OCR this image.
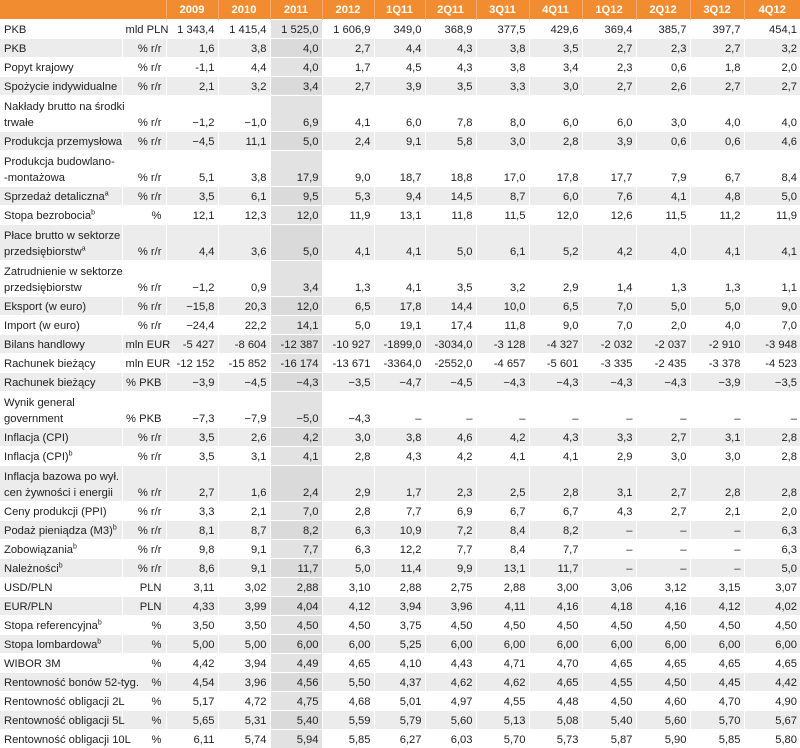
		2009	2010	2011	2012	1Q11	2Q11	3Q11	4Q11	1Q12	2Q12	3Q12	4Q12

PKB	mld PLN	1 343,4	1 415,4	1 525,0	1 606,9	349,0	368,9	377,5	429,6	369,4	385,7	397,7	454,1

PKB	% r/r	1,6	3,8	4,0	2,7	4,4	4,3	3,8	3,5	2,7	2,3	2,7	3,2

Popyt krajowy	% r/r	-1,1	4,4	4,0	1,7	4,5	4,3	3,8	3,4	2,3	0,6	1,8	2,0

Spożycie indywidualne	% r/r	2,1	3,2	3,4	2,7	3,9	3,5	3,3	3,0	2,7	2,6	2,7	2,7

Nakłady brutto na środki
trwałe	% r/r	−1,2	−1,0	6,9	4,1	6,0	7,8	8,0	6,0	6,0	3,0	4,0	4,0

Produkcja przemysłowa	% r/r	−4,5	11,1	5,0	2,4	9,1	5,8	3,0	2,8	3,9	0,6	0,6	4,6

Produkcja budowlano-
-montażowa	% r/r	5,1	3,8	17,9	9,0	18,7	18,8	17,0	17,8	17,7	7,9	6,7	8,4

Sprzedaż detaliczna$^a$	% r/r	3,5	6,1	9,5	5,3	9,4	14,5	8,7	6,0	7,6	4,1	4,8	5,0

Stopa bezrobocia$^b$	%	12,1	12,3	12,0	11,9	13,1	11,8	11,5	12,0	12,6	11,5	11,2	11,9

Płace brutto w sektorze
przedsiębiorstw$^a$	% r/r	4,4	3,6	5,0	4,1	4,1	5,0	6,1	5,2	4,2	4,0	4,1	4,1

Zatrudnienie w sektorze
przedsiębiorstw	% r/r	−1,2	0,9	3,4	1,3	4,1	3,5	3,2	2,9	1,4	1,3	1,3	1,1

Eksport (w euro)	% r/r	−15,8	20,3	12,0	6,5	17,8	14,4	10,0	6,5	7,0	5,0	5,0	9,0

Import (w euro)	% r/r	−24,4	22,2	14,1	5,0	19,1	17,4	11,8	9,0	7,0	2,0	4,0	7,0

Bilans handlowy	mln EUR	-5 427	-8 604	-12 387	-10 927	-1899,0	-3034,0	-3 128	-4 327	-2 032	-2 037	-2 910	-3 948

Rachunek bieżący	mln EUR	-12 152	-15 852	-16 174	-13 671	-3364,0	-2552,0	-4 657	-5 601	-3 335	-2 435	-3 378	-4 523

Rachunek bieżący	% PKB	−3,9	−4,5	−4,3	−3,5	−4,7	−4,5	−4,3	−4,3	−4,3	−4,3	−3,9	−3,5

Wynik general
government	% PKB	−7,3	−7,9	−5,0	−4,3	–	–	–	–	–	–	–	–

Inflacja (CPI)	% r/r	3,5	2,6	4,2	3,0	3,8	4,6	4,2	4,3	3,3	2,7	3,1	2,8

Inflacja (CPI)$^b$	% r/r	3,5	3,1	4,1	2,8	4,3	4,2	4,1	4,1	2,9	3,0	3,0	2,8

Inflacja bazowa po wył.
cen żywności i energii	% r/r	2,7	1,6	2,4	2,9	1,7	2,3	2,5	2,8	3,1	2,7	2,8	2,8

Ceny produkcji (PPI)	% r/r	3,3	2,1	7,0	2,8	7,7	6,9	6,7	6,7	4,3	2,7	2,1	2,0

Podaż pieniądza $(M3)^b$	% r/r	8,1	8,7	8,2	6,3	10,9	7,2	8,4	8,2	–	–	–	6,3

Zobowiązania$^b$	% r/r	9,8	9,1	7,7	6,3	12,2	7,7	8,4	7,7	–	–	–	6,3

Należności$^b$	% r/r	8,6	9,1	11,7	5,0	11,4	9,9	13,1	11,7	–	–	–	5,0

USD/PLN	PLN	3,11	3,02	2,88	3,10	2,88	2,75	2,88	3,00	3,06	3,12	3,15	3,07

EUR/PLN	PLN	4,33	3,99	4,04	4,12	3,94	3,96	4,11	4,16	4,18	4,16	4,12	4,02

Stopa referencyjna$^b$	%	3,50	3,50	4,50	4,50	3,75	4,50	4,50	4,50	4,50	4,50	4,50	4,50

Stopa lombardowa$^b$	%	5,00	5,00	6,00	6,00	5,25	6,00	6,00	6,00	6,00	6,00	6,00	6,00

WIBOR 3M	%	4,42	3,94	4,49	4,65	4,10	4,43	4,71	4,70	4,65	4,65	4,65	4,65

Rentowność bonów 52-tyg.	%	4,54	3,96	4,56	5,50	4,37	4,62	4,62	4,65	4,55	4,50	4,45	4,42

Rentowność obligacji 2L	%	5,17	4,72	4,75	4,68	5,01	4,97	4,55	4,48	4,50	4,60	4,70	4,90

Rentowność obligacji 5L	%	5,65	5,31	5,40	5,59	5,79	5,60	5,13	5,08	5,40	5,60	5,70	5,67

Rentowność obligacji 10L	%	6,11	5,74	5,94	5,85	6,27	6,03	5,70	5,73	5,87	5,90	5,85	5,80
